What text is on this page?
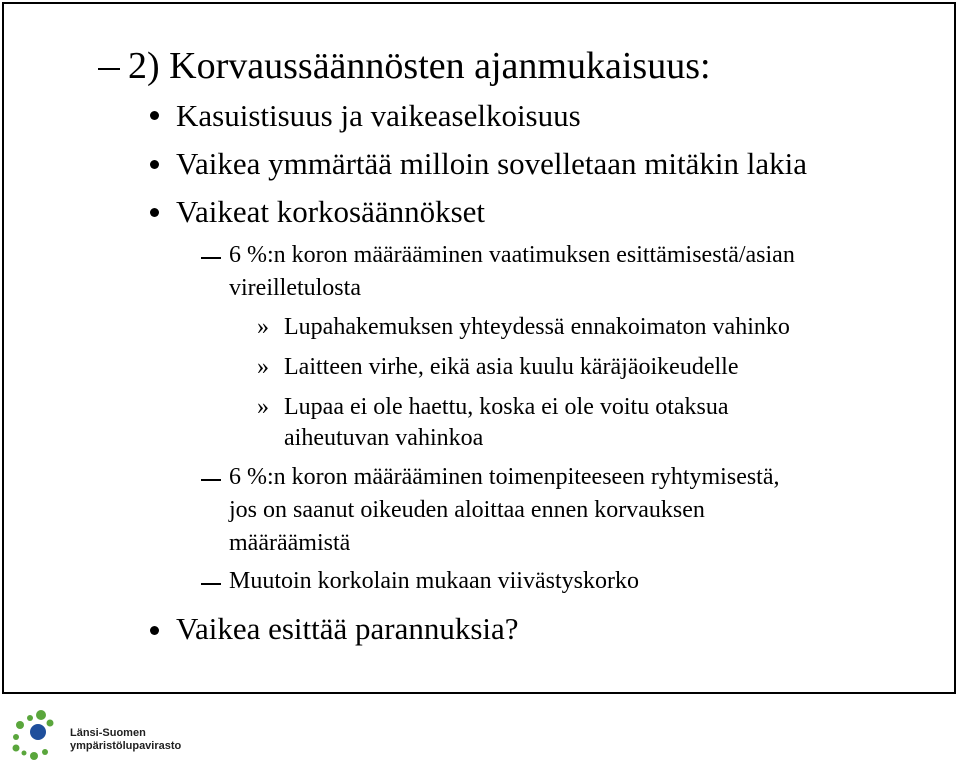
2) Korvaussäännösten ajanmukaisuus:
Kasuistisuus ja vaikeaselkoisuus
Vaikea ymmärtää milloin sovelletaan mitäkin lakia
Vaikeat korkosäännökset
6 %:n koron määrääminen vaatimuksen esittämisestä/asian
vireilletulosta
» Lupahakemuksen yhteydessä ennakoimaton vahinko
» Laitteen virhe, eikä asia kuulu käräjäoikeudelle
» Lupaa ei ole haettu, koska ei ole voitu otaksua
aiheutuvan vahinkoa
6 %:n koron määrääminen toimenpiteeseen ryhtymisestä,
jos on saanut oikeuden aloittaa ennen korvauksen
määräämistä
Muutoin korkolain mukaan viivästyskorko
Vaikea esittää parannuksia?
Länsi-Suomen
ympäristölupavirasto
